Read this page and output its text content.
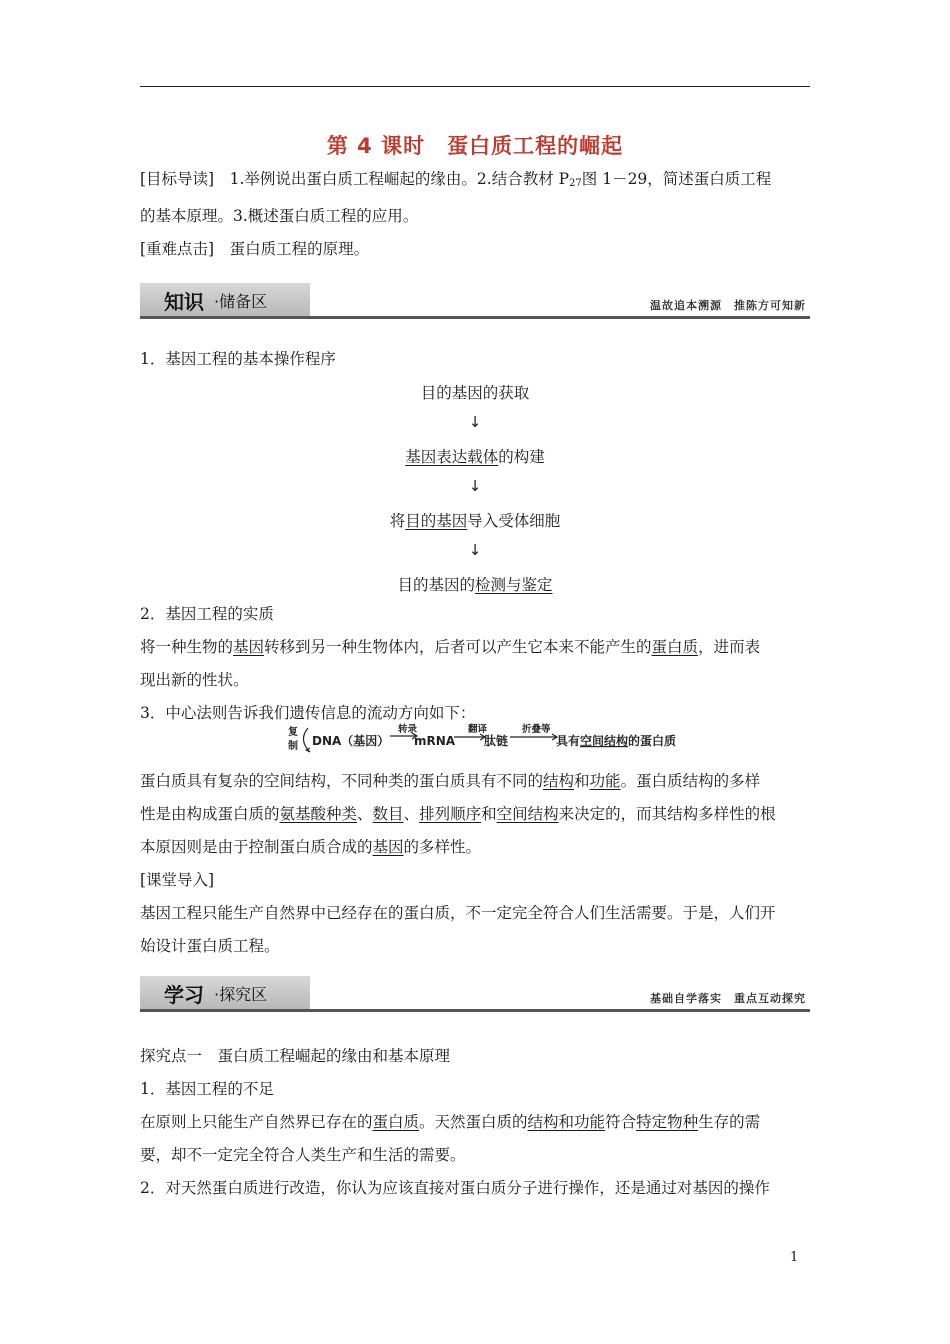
第 4 课时　蛋白质工程的崛起

[目标导读]　1.举例说出蛋白质工程崛起的缘由。2.结合教材 $P_{27}$图 1－29，简述蛋白质工程

的基本原理。3.概述蛋白质工程的应用。

[重难点击]　蛋白质工程的原理。

知识 ·储备区	温故追本溯源　推陈方可知新
1．基因工程的基本操作程序
目的基因的获取
↓
基因表达载体的构建
↓
将目的基因导入受体细胞
↓
目的基因的检测与鉴定

2．基因工程的实质

将一种生物的基因转移到另一种生物体内，后者可以产生它本来不能产生的蛋白质，进而表

现出新的性状。

3．中心法则告诉我们遗传信息的流动方向如下：

复
制 DNA（基因）
转录
mRNA
翻译
肽链
折叠等
具有空间结构的蛋白质

蛋白质具有复杂的空间结构，不同种类的蛋白质具有不同的结构和功能。蛋白质结构的多样

性是由构成蛋白质的氨基酸种类、数目、排列顺序和空间结构来决定的，而其结构多样性的根

本原因则是由于控制蛋白质合成的基因的多样性。

[课堂导入]

基因工程只能生产自然界中已经存在的蛋白质，不一定完全符合人们生活需要。于是，人们开

始设计蛋白质工程。

学习 ·探究区	基础自学落实　重点互动探究

探究点一　蛋白质工程崛起的缘由和基本原理

1．基因工程的不足

在原则上只能生产自然界已存在的蛋白质。天然蛋白质的结构和功能符合特定物种生存的需

要，却不一定完全符合人类生产和生活的需要。

2．对天然蛋白质进行改造，你认为应该直接对蛋白质分子进行操作，还是通过对基因的操作

1
